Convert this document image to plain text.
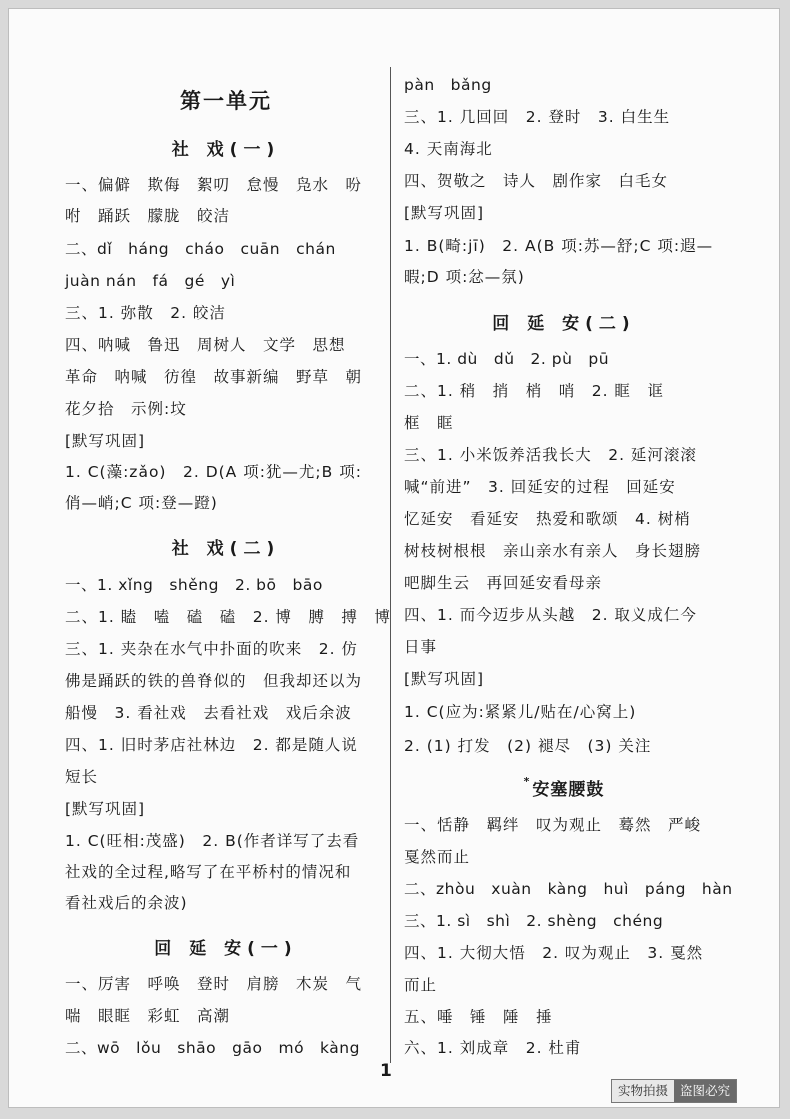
第一单元
社 戏(一)
一、偏僻　欺侮　絮叨　怠慢　凫水　吩
咐　踊跃　朦胧　皎洁
二、dǐ　háng　cháo　cuān　chán
juàn nán　fá　gé　yì
三、1. 弥散　2. 皎洁
四、呐喊　鲁迅　周树人　文学　思想
革命　呐喊　彷徨　故事新编　野草　朝
花夕拾　示例:坟
[默写巩固]
1. C(藻:zǎo)　2. D(A 项:犹—尤;B 项:
俏—峭;C 项:登—蹬)
社 戏(二)
一、1. xǐng　shěng　2. bō　bāo
二、1. 瞌　嗑　磕　磕　2. 博　膊　搏　博
三、1. 夹杂在水气中扑面的吹来　2. 仿
佛是踊跃的铁的兽脊似的　但我却还以为
船慢　3. 看社戏　去看社戏　戏后余波
四、1. 旧时茅店社林边　2. 都是随人说
短长
[默写巩固]
1. C(旺相:茂盛)　2. B(作者详写了去看
社戏的全过程,略写了在平桥村的情况和
看社戏后的余波)
回 延 安(一)
一、厉害　呼唤　登时　肩膀　木炭　气
喘　眼眶　彩虹　高潮
二、wō　lǒu　shāo　gāo　mó　kàng
pàn　bǎng
三、1. 几回回　2. 登时　3. 白生生
4. 天南海北
四、贺敬之　诗人　剧作家　白毛女
[默写巩固]
1. B(畸:jī)　2. A(B 项:苏—舒;C 项:遐—
暇;D 项:忿—氛)
回 延 安(二)
一、1. dù　dǔ　2. pù　pū
二、1. 稍　捎　梢　哨　2. 眶　诓
框　眶
三、1. 小米饭养活我长大　2. 延河滚滚
喊“前进”　3. 回延安的过程　回延安
忆延安　看延安　热爱和歌颂　4. 树梢
树枝树根根　亲山亲水有亲人　身长翅膀
吧脚生云　再回延安看母亲
四、1. 而今迈步从头越　2. 取义成仁今
日事
[默写巩固]
1. C(应为:紧紧儿/贴在/心窝上)
2. (1) 打发　(2) 褪尽　(3) 关注
* 安塞腰鼓
一、恬静　羁绊　叹为观止　蓦然　严峻
戛然而止
二、zhòu　xuàn　kàng　huì　páng　hàn
三、1. sì　shì　2. shèng　chéng
四、1. 大彻大悟　2. 叹为观止　3. 戛然
而止
五、唾　锤　陲　捶
六、1. 刘成章　2. 杜甫
1
实物拍摄 盗图必究
